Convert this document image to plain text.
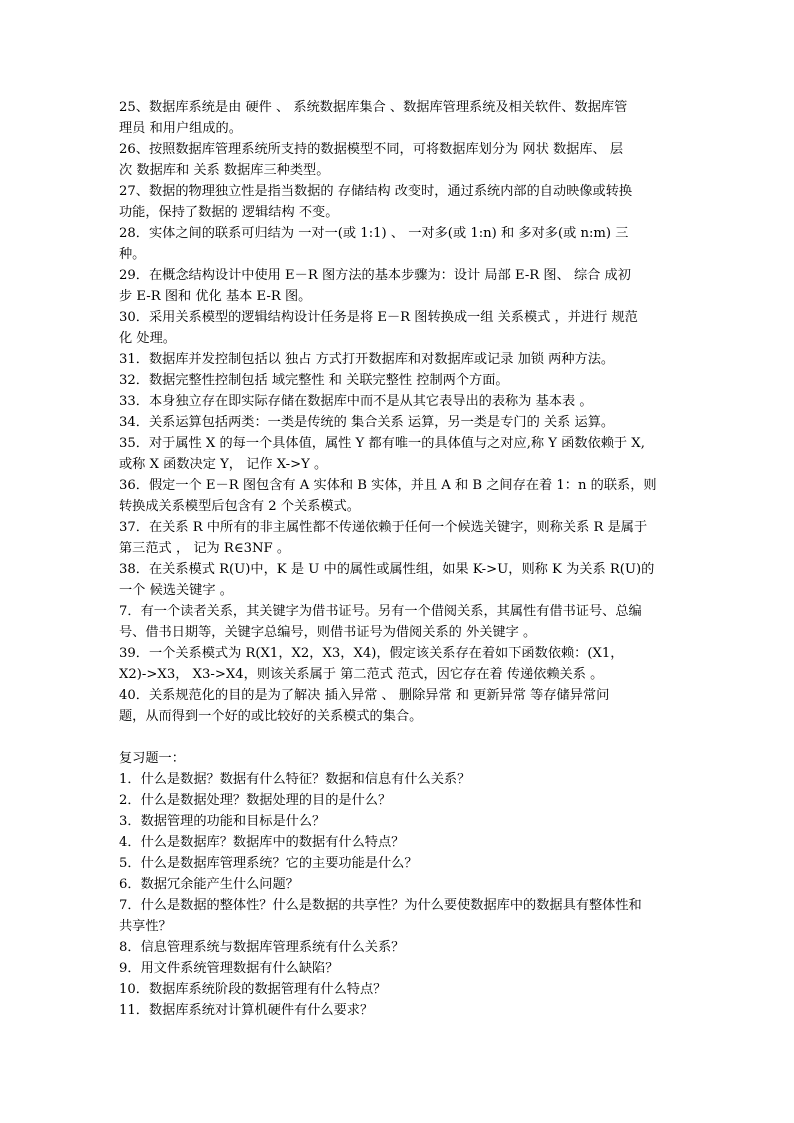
25、数据库系统是由 硬件 、 系统数据库集合 、数据库管理系统及相关软件、数据库管
理员 和用户组成的。
26、按照数据库管理系统所支持的数据模型不同，可将数据库划分为 网状 数据库、 层
次 数据库和 关系 数据库三种类型。
27、数据的物理独立性是指当数据的 存储结构 改变时，通过系统内部的自动映像或转换
功能，保持了数据的 逻辑结构 不变。
28．实体之间的联系可归结为 一对一(或 1:1) 、 一对多(或 1:n) 和 多对多(或 n:m) 三
种。
29．在概念结构设计中使用 E－R 图方法的基本步骤为：设计 局部 E-R 图、 综合 成初
步 E-R 图和 优化 基本 E-R 图。
30．采用关系模型的逻辑结构设计任务是将 E－R 图转换成一组 关系模式 ，并进行 规范
化 处理。
31．数据库并发控制包括以 独占 方式打开数据库和对数据库或记录 加锁 两种方法。
32．数据完整性控制包括 域完整性 和 关联完整性 控制两个方面。
33．本身独立存在即实际存储在数据库中而不是从其它表导出的表称为 基本表 。
34．关系运算包括两类：一类是传统的 集合关系 运算，另一类是专门的 关系 运算。
35．对于属性 X 的每一个具体值，属性 Y 都有唯一的具体值与之对应,称 Y 函数依赖于 X,
或称 X 函数决定 Y， 记作 X->Y 。
36．假定一个 E－R 图包含有 A 实体和 B 实体，并且 A 和 B 之间存在着 1：n 的联系，则
转换成关系模型后包含有 2 个关系模式。
37．在关系 R 中所有的非主属性都不传递依赖于任何一个候选关键字，则称关系 R 是属于
第三范式 ， 记为 R∈3NF 。
38．在关系模式 R(U)中，K 是 U 中的属性或属性组，如果 K->U，则称 K 为关系 R(U)的
一个 候选关键字 。
7．有一个读者关系，其关键字为借书证号。另有一个借阅关系，其属性有借书证号、总编
号、借书日期等，关键字总编号，则借书证号为借阅关系的 外关键字 。
39．一个关系模式为 R(X1，X2，X3，X4)，假定该关系存在着如下函数依赖：(X1，
X2)->X3， X3->X4，则该关系属于 第二范式 范式，因它存在着 传递依赖关系 。
40．关系规范化的目的是为了解决 插入异常 、 删除异常 和 更新异常 等存储异常问
题，从而得到一个好的或比较好的关系模式的集合。
复习题一：
1．什么是数据？数据有什么特征？数据和信息有什么关系？
2．什么是数据处理？数据处理的目的是什么？
3．数据管理的功能和目标是什么？
4．什么是数据库？数据库中的数据有什么特点？
5．什么是数据库管理系统？它的主要功能是什么？
6．数据冗余能产生什么问题？
7．什么是数据的整体性？什么是数据的共享性？为什么要使数据库中的数据具有整体性和
共享性？
8．信息管理系统与数据库管理系统有什么关系？
9．用文件系统管理数据有什么缺陷？
10．数据库系统阶段的数据管理有什么特点？
11．数据库系统对计算机硬件有什么要求？
